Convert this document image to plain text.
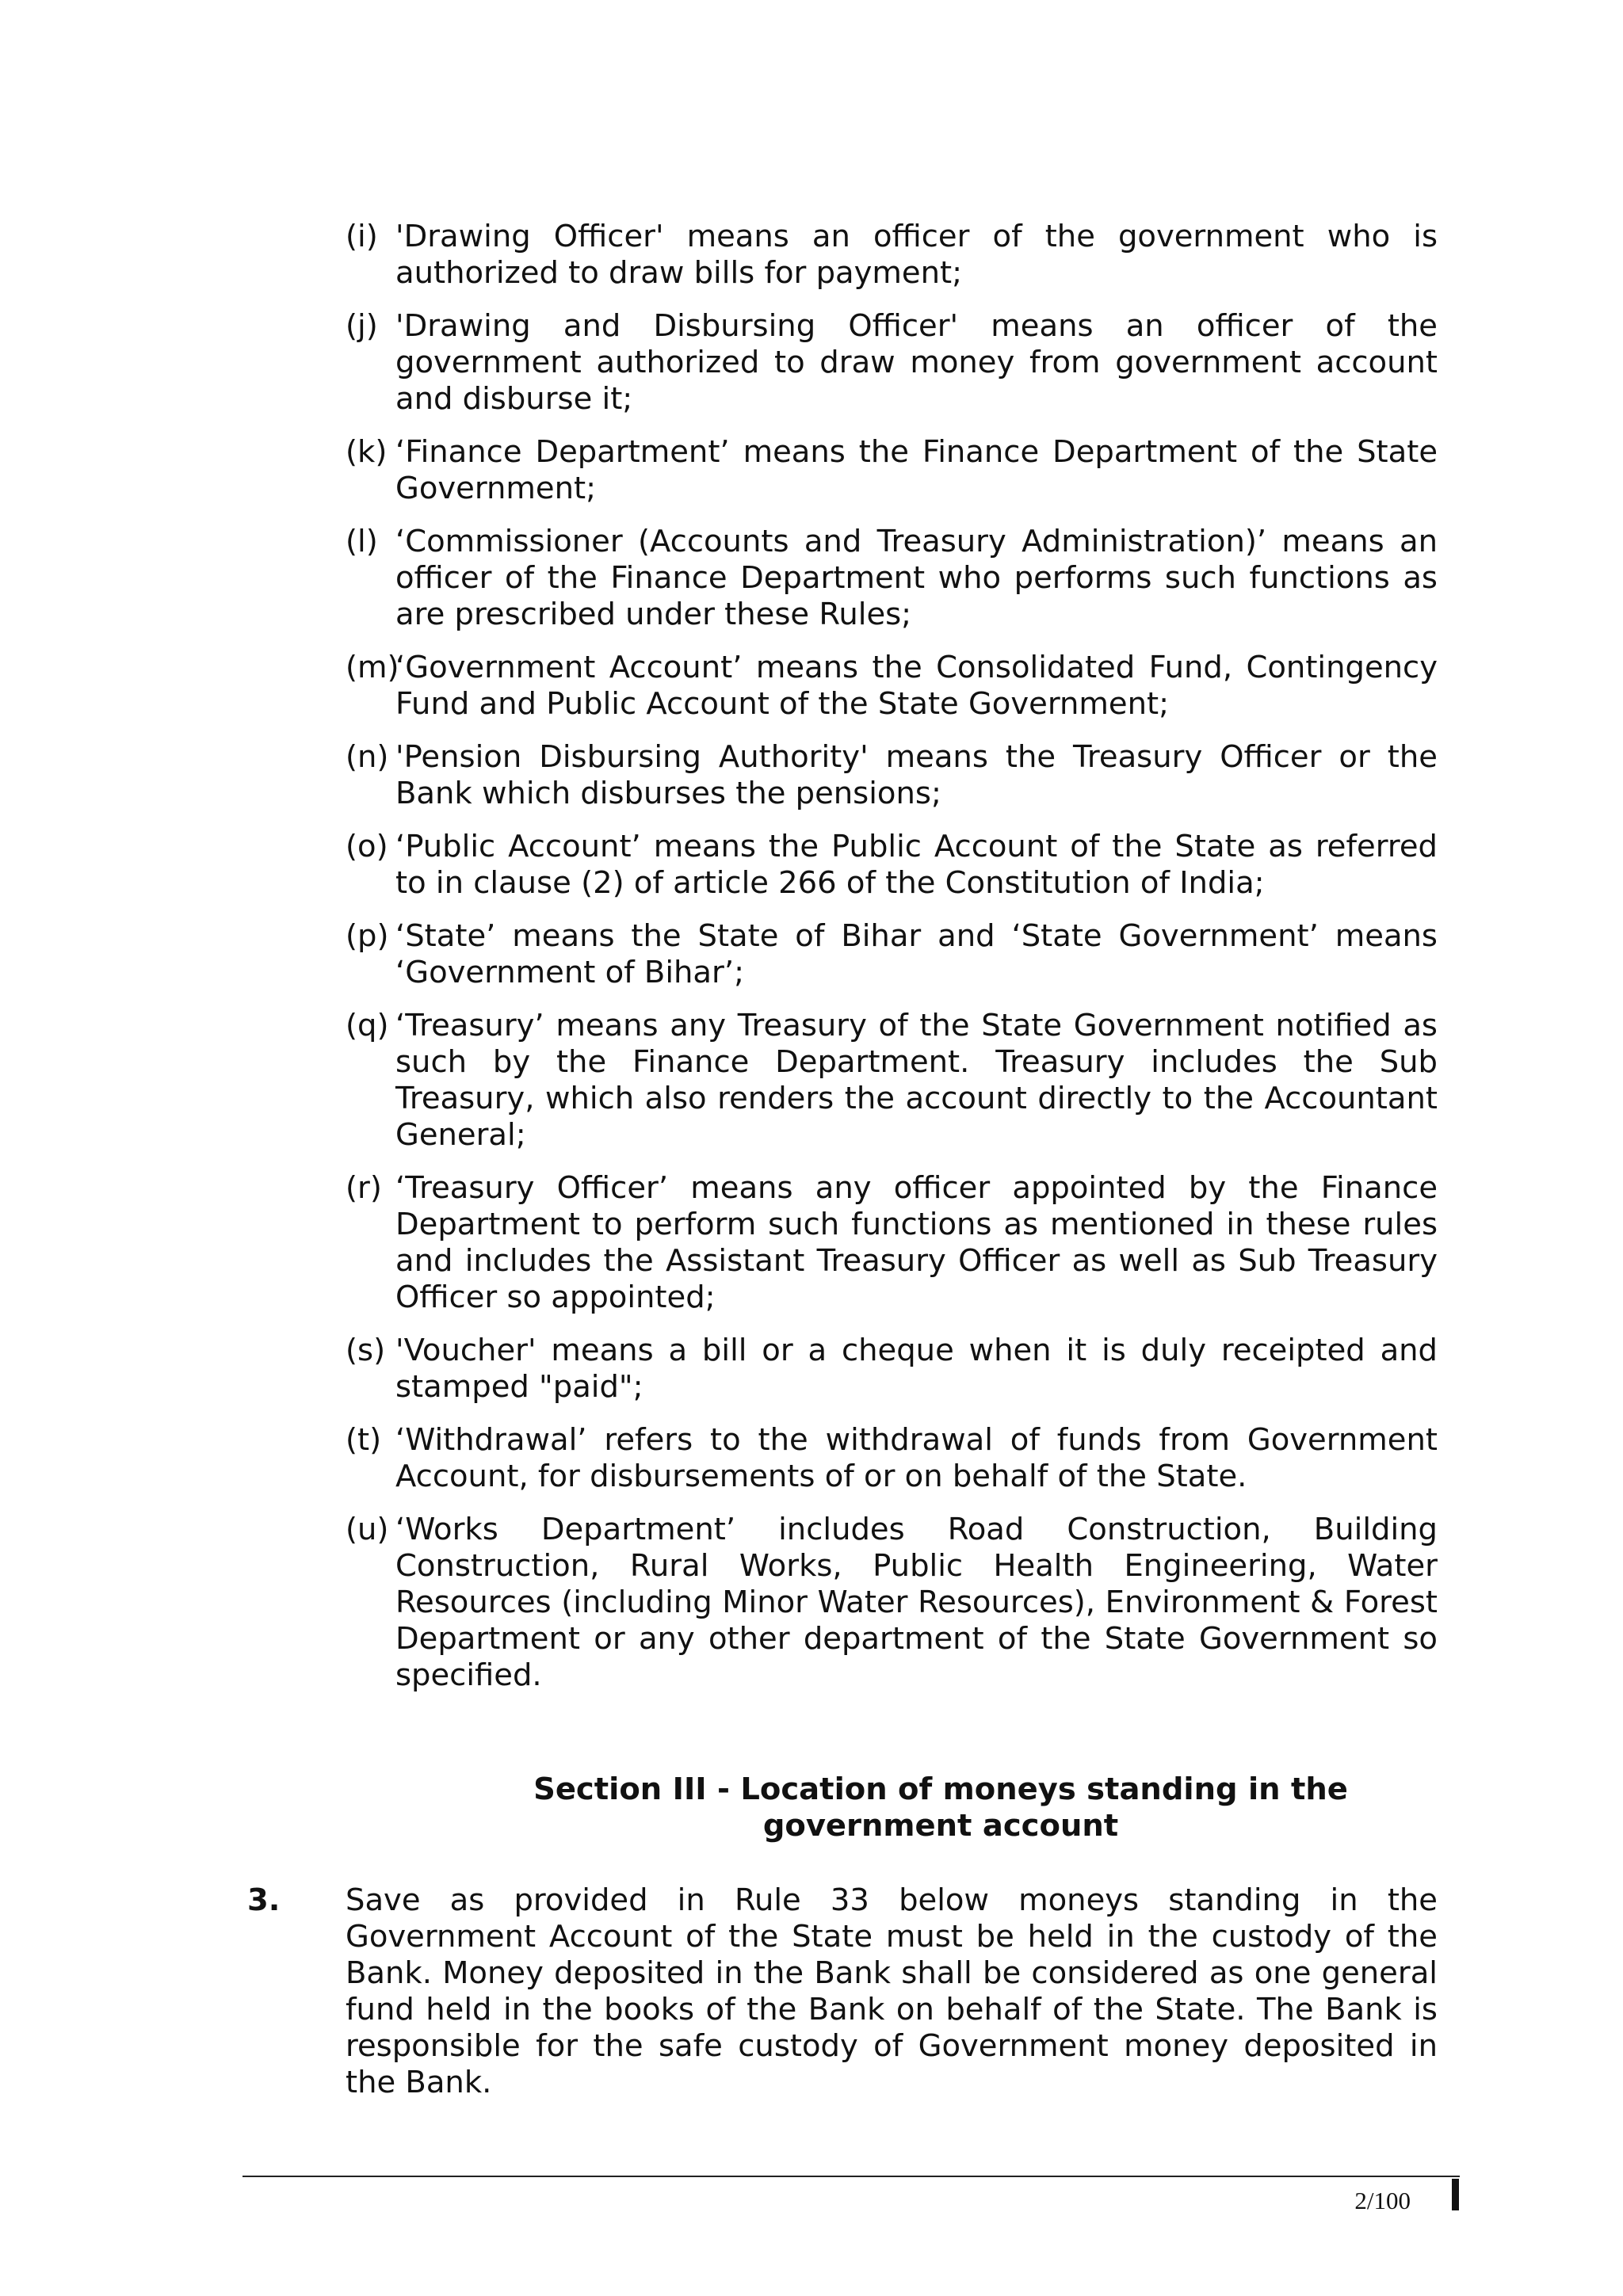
(i) 'Drawing Officer' means an officer of the government who is authorized to draw bills for payment;
(j) 'Drawing and Disbursing Officer' means an officer of the government authorized to draw money from government account and disburse it;
(k) ‘Finance Department’ means the Finance Department of the State Government;
(l) ‘Commissioner (Accounts and Treasury Administration)’ means an officer of the Finance Department who performs such functions as are prescribed under these Rules;
(m)
‘Government Account’ means the Consolidated Fund, Contingency Fund and Public Account of the State Government;
(n) 'Pension Disbursing Authority' means the Treasury Officer or the Bank which disburses the pensions;
(o) ‘Public Account’ means the Public Account of the State as referred to in clause (2) of article 266 of the Constitution of India;
(p) ‘State’ means the State of Bihar and ‘State Government’ means ‘Government of Bihar’;
(q) ‘Treasury’ means any Treasury of the State Government notified as such by the Finance Department. Treasury includes the Sub Treasury, which also renders the account directly to the Accountant General;
(r) ‘Treasury Officer’ means any officer appointed by the Finance Department to perform such functions as mentioned in these rules and includes the Assistant Treasury Officer as well as Sub Treasury Officer so appointed;
(s) 'Voucher' means a bill or a cheque when it is duly receipted and stamped "paid";
(t) ‘Withdrawal’ refers to the withdrawal of funds from Government Account, for disbursements of or on behalf of the State.
(u) ‘Works Department’ includes Road Construction, Building Construction, Rural Works, Public Health Engineering, Water Resources (including Minor Water Resources), Environment & Forest Department or any other department of the State Government so specified.
Section III - Location of moneys standing in the
government account
3. Save as provided in Rule 33 below moneys standing in the Government Account of the State must be held in the custody of the Bank. Money deposited in the Bank shall be considered as one general fund held in the books of the Bank on behalf of the State. The Bank is responsible for the safe custody of Government money deposited in the Bank.
2/100
